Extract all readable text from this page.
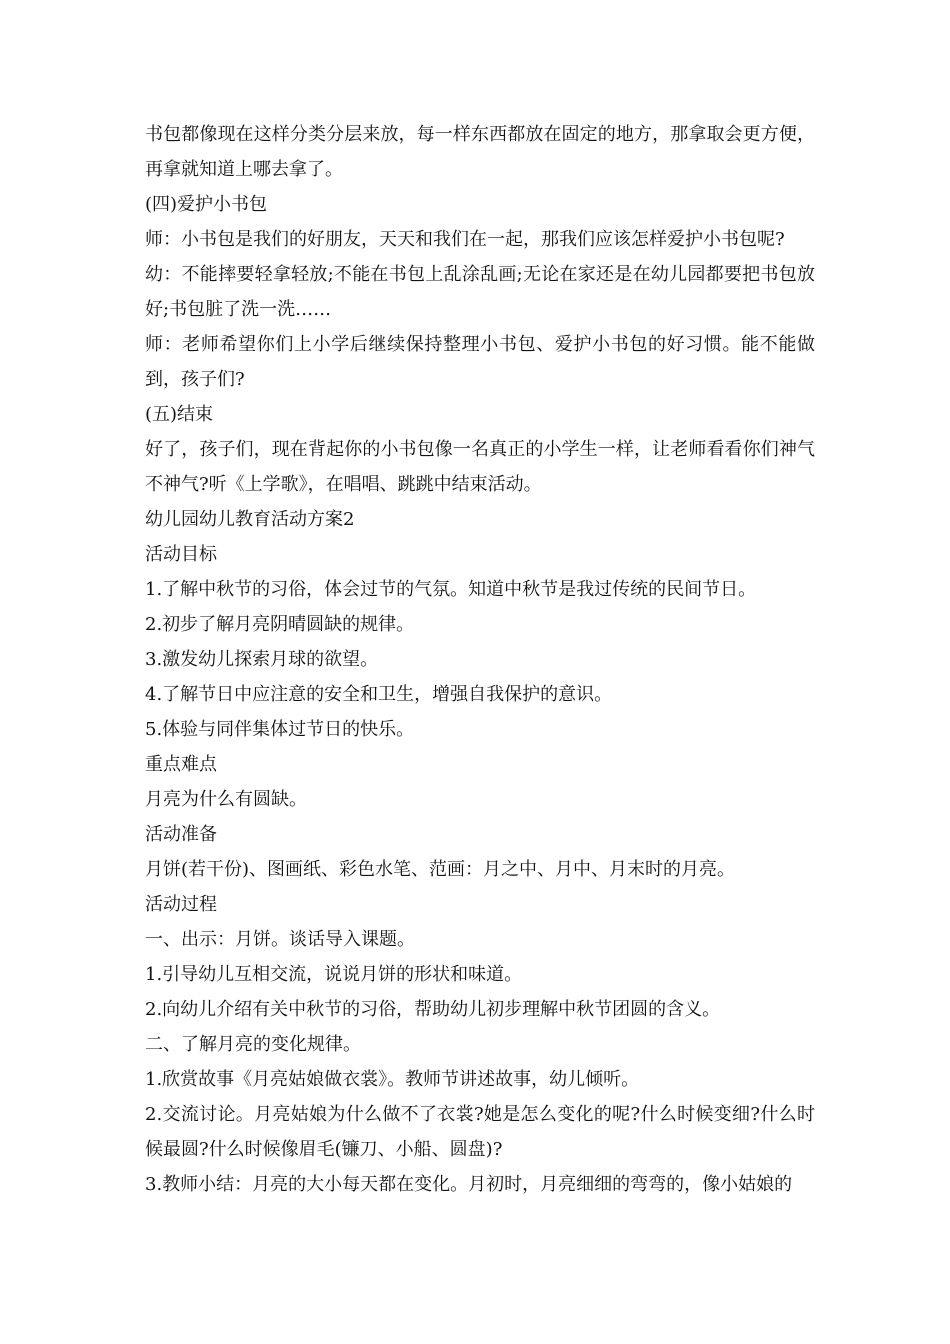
书包都像现在这样分类分层来放，每一样东西都放在固定的地方，那拿取会更方便，再拿就知道上哪去拿了。

(四)爱护小书包

师：小书包是我们的好朋友，天天和我们在一起，那我们应该怎样爱护小书包呢?

幼：不能摔要轻拿轻放;不能在书包上乱涂乱画;无论在家还是在幼儿园都要把书包放好;书包脏了洗一洗……

师：老师希望你们上小学后继续保持整理小书包、爱护小书包的好习惯。能不能做到，孩子们?

(五)结束

好了，孩子们，现在背起你的小书包像一名真正的小学生一样，让老师看看你们神气不神气?听《上学歌》，在唱唱、跳跳中结束活动。

幼儿园幼儿教育活动方案2

活动目标

1.了解中秋节的习俗，体会过节的气氛。知道中秋节是我过传统的民间节日。

2.初步了解月亮阴晴圆缺的规律。

3.激发幼儿探索月球的欲望。

4.了解节日中应注意的安全和卫生，增强自我保护的意识。

5.体验与同伴集体过节日的快乐。

重点难点

月亮为什么有圆缺。

活动准备

月饼(若干份)、图画纸、彩色水笔、范画：月之中、月中、月末时的月亮。

活动过程

一、出示：月饼。谈话导入课题。

1.引导幼儿互相交流，说说月饼的形状和味道。

2.向幼儿介绍有关中秋节的习俗，帮助幼儿初步理解中秋节团圆的含义。

二、了解月亮的变化规律。

1.欣赏故事《月亮姑娘做衣裳》。教师节讲述故事，幼儿倾听。

2.交流讨论。月亮姑娘为什么做不了衣裳?她是怎么变化的呢?什么时候变细?什么时候最圆?什么时候像眉毛(镰刀、小船、圆盘)?

3.教师小结：月亮的大小每天都在变化。月初时，月亮细细的弯弯的，像小姑娘的
